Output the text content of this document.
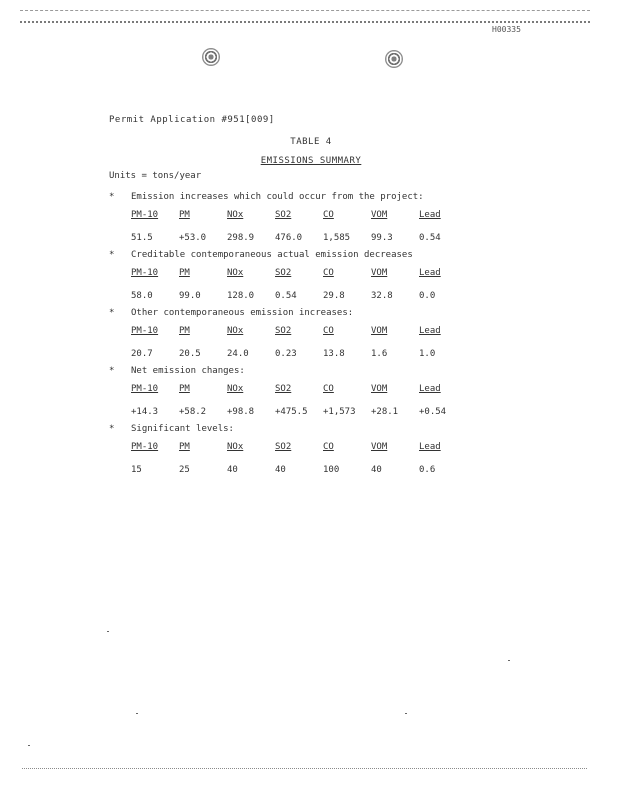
H00335
Permit Application #951[009]
TABLE 4
EMISSIONS SUMMARY
Units = tons/year
*	Emission increases which could occur from the project:
PM-10	PM	NOx	SO2	CO	VOM	Lead
51.5	+53.0	298.9	476.0	1,585	99.3	0.54
*	Creditable contemporaneous actual emission decreases
PM-10	PM	NOx	SO2	CO	VOM	Lead
58.0	99.0	128.0	0.54	29.8	32.8	0.0
*	Other contemporaneous emission increases:
PM-10	PM	NOx	SO2	CO	VOM	Lead
20.7	20.5	24.0	0.23	13.8	1.6	1.0
*	Net emission changes:
PM-10	PM	NOx	SO2	CO	VOM	Lead
+14.3	+58.2	+98.8	+475.5	+1,573	+28.1	+0.54
*	Significant levels:
PM-10	PM	NOx	SO2	CO	VOM	Lead
15	25	40	40	100	40	0.6
